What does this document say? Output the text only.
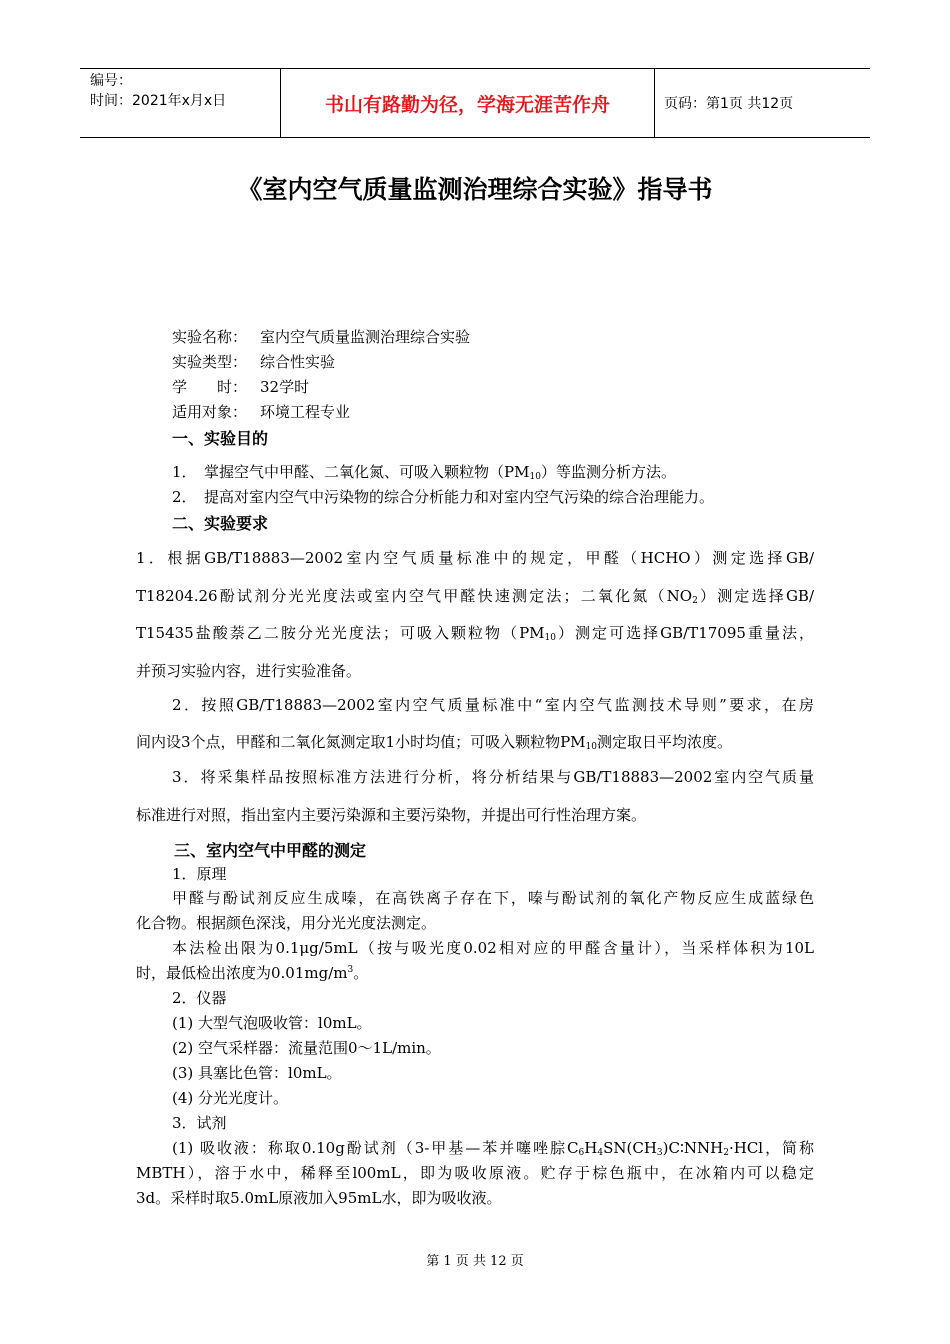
编号：
时间：2021年x月x日	书山有路勤为径，学海无涯苦作舟	页码：第1页 共12页
《室内空气质量监测治理综合实验》指导书
实验名称： 室内空气质量监测治理综合实验
实验类型： 综合性实验
学　　时： 32学时
适用对象： 环境工程专业
一、实验目的
1．　掌握空气中甲醛、二氧化氮、可吸入颗粒物$(PM_{10})$等监测分析方法。
2．　提高对室内空气中污染物的综合分析能力和对室内空气污染的综合治理能力。
二、实验要求
1．根据GB/T18883—2002室内空气质量标准中的规定，甲醛（HCHO）测定选择GB/
T18204.26酚试剂分光光度法或室内空气甲醛快速测定法；二氧化氮$(NO_2)$测定选择GB/
T15435盐酸萘乙二胺分光光度法；可吸入颗粒物$(PM_{10})$测定可选择GB/T17095重量法，
并预习实验内容，进行实验准备。
2．按照GB/T18883—2002室内空气质量标准中“室内空气监测技术导则”要求，在房
间内设3个点，甲醛和二氧化氮测定取1小时均值；可吸入颗粒物$PM_{10}$测定取日平均浓度。
3．将采集样品按照标准方法进行分析，将分析结果与GB/T18883—2002室内空气质量
标准进行对照，指出室内主要污染源和主要污染物，并提出可行性治理方案。
三、室内空气中甲醛的测定
1．原理
甲醛与酚试剂反应生成嗪，在高铁离子存在下，嗪与酚试剂的氧化产物反应生成蓝绿色
化合物。根据颜色深浅，用分光光度法测定。
本法检出限为0.1μg/5mL（按与吸光度0.02相对应的甲醛含量计），当采样体积为10L
时，最低检出浓度为$0.01mg/m^3$。
2．仪器
(1) 大型气泡吸收管：l0mL。
(2) 空气采样器：流量范围0～1L/min。
(3) 具塞比色管：l0mL。
(4) 分光光度计。
3．试剂
(1) 吸收液：称取0.10g酚试剂（3-甲基—苯并噻唑腙$C_6H_4SN(CH_3)C∶NNH_2\cdot HCl$，简称
MBTH），溶于水中，稀释至l00mL，即为吸收原液。贮存于棕色瓶中，在冰箱内可以稳定
3d。采样时取5.0mL原液加入95mL水，即为吸收液。
第 1 页 共 12 页
